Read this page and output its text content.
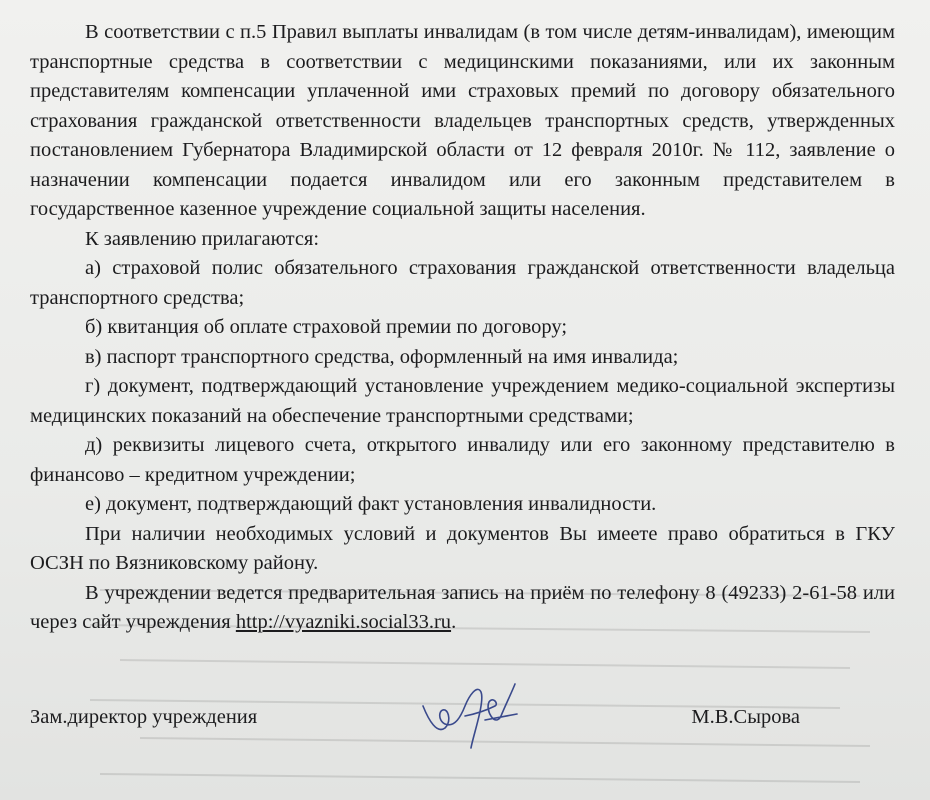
В соответствии с п.5 Правил выплаты инвалидам (в том числе детям-инвалидам), имеющим транспортные средства в соответствии с медицинскими показаниями, или их законным представителям компенсации уплаченной ими страховых премий по договору обязательного страхования гражданской ответственности владельцев транспортных средств, утвержденных постановлением Губернатора Владимирской области от 12 февраля 2010г. № 112, заявление о назначении компенсации подается инвалидом или его законным представителем в государственное казенное учреждение социальной защиты населения.

К заявлению прилагаются:

а) страховой полис обязательного страхования гражданской ответственности владельца транспортного средства;

б) квитанция об оплате страховой премии по договору;

в) паспорт транспортного средства, оформленный на имя инвалида;

г) документ, подтверждающий установление учреждением медико-социальной экспертизы медицинских показаний на обеспечение транспортными средствами;

д) реквизиты лицевого счета, открытого инвалиду или его законному представителю в финансово – кредитном учреждении;

е) документ, подтверждающий факт установления инвалидности.

При наличии необходимых условий и документов Вы имеете право обратиться в ГКУ ОСЗН по Вязниковскому району.

В учреждении ведется предварительная запись на приём по телефону 8 (49233) 2-61-58 или через сайт учреждения http://vyazniki.social33.ru.

Зам.директор учреждения	М.В.Сырова
